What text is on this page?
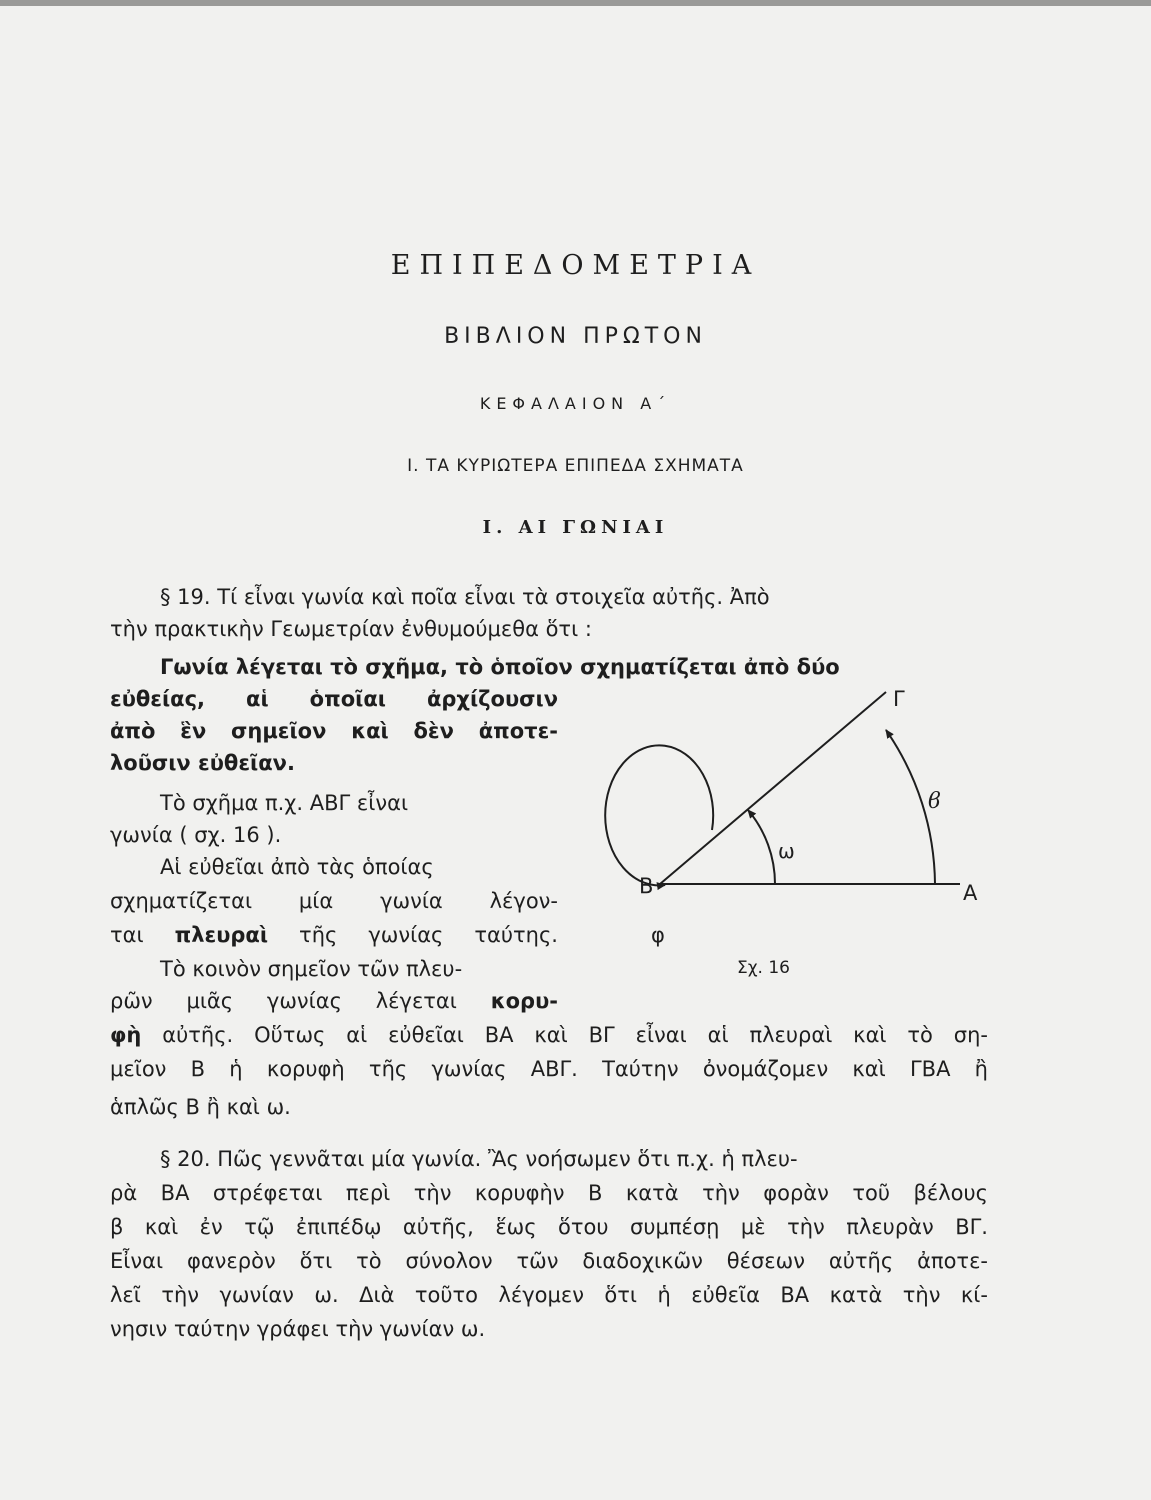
ΕΠΙΠΕΔΟΜΕΤΡΙΑ
ΒΙΒΛΙΟΝ ΠΡΩΤΟΝ
ΚΕΦΑΛΑΙΟΝ Α΄
I. ΤΑ ΚΥΡΙΩΤΕΡΑ ΕΠΙΠΕΔΑ ΣΧΗΜΑΤΑ
I. ΑΙ ΓΩΝΙΑΙ
§ 19. Τί εἶναι γωνία καὶ ποῖα εἶναι τὰ στοιχεῖα αὐτῆς. Ἀπὸ
τὴν πρακτικὴν Γεωμετρίαν ἐνθυμούμεθα ὅτι :
Γωνία λέγεται τὸ σχῆμα, τὸ ὁποῖον σχηματίζεται ἀπὸ δύο
εὐθείας, αἱ ὁποῖαι ἀρχίζουσιν
ἀπὸ ἓν σημεῖον καὶ δὲν ἀποτε-
λοῦσιν εὐθεῖαν.
Τὸ σχῆμα π.χ. ΑΒΓ εἶναι
γωνία ( σχ. 16 ).
Αἱ εὐθεῖαι ἀπὸ τὰς ὁποίας
σχηματίζεται μία γωνία λέγον-
ται πλευραὶ τῆς γωνίας ταύτης.
Τὸ κοινὸν σημεῖον τῶν πλευ-
ρῶν μιᾶς γωνίας λέγεται κορυ-
φὴ αὐτῆς. Οὕτως αἱ εὐθεῖαι ΒΑ καὶ ΒΓ εἶναι αἱ πλευραὶ καὶ τὸ ση-
μεῖον Β ἡ κορυφὴ τῆς γωνίας ΑΒΓ. Ταύτην ὀνομάζομεν καὶ ΓΒΑ ἢ
ἁπλῶς Β ἢ καὶ ω.
§ 20. Πῶς γεννᾶται μία γωνία. Ἂς νοήσωμεν ὅτι π.χ. ἡ πλευ-
ρὰ ΒΑ στρέφεται περὶ τὴν κορυφὴν Β κατὰ τὴν φορὰν τοῦ βέλους
β καὶ ἐν τῷ ἐπιπέδῳ αὐτῆς, ἕως ὅτου συμπέσῃ μὲ τὴν πλευρὰν ΒΓ.
Εἶναι φανερὸν ὅτι τὸ σύνολον τῶν διαδοχικῶν θέσεων αὐτῆς ἀποτε-
λεῖ τὴν γωνίαν ω. Διὰ τοῦτο λέγομεν ὅτι ἡ εὐθεῖα ΒΑ κατὰ τὴν κί-
νησιν ταύτην γράφει τὴν γωνίαν ω.
Γ
ϐ
ω
Β	Α
φ
Σχ. 16
